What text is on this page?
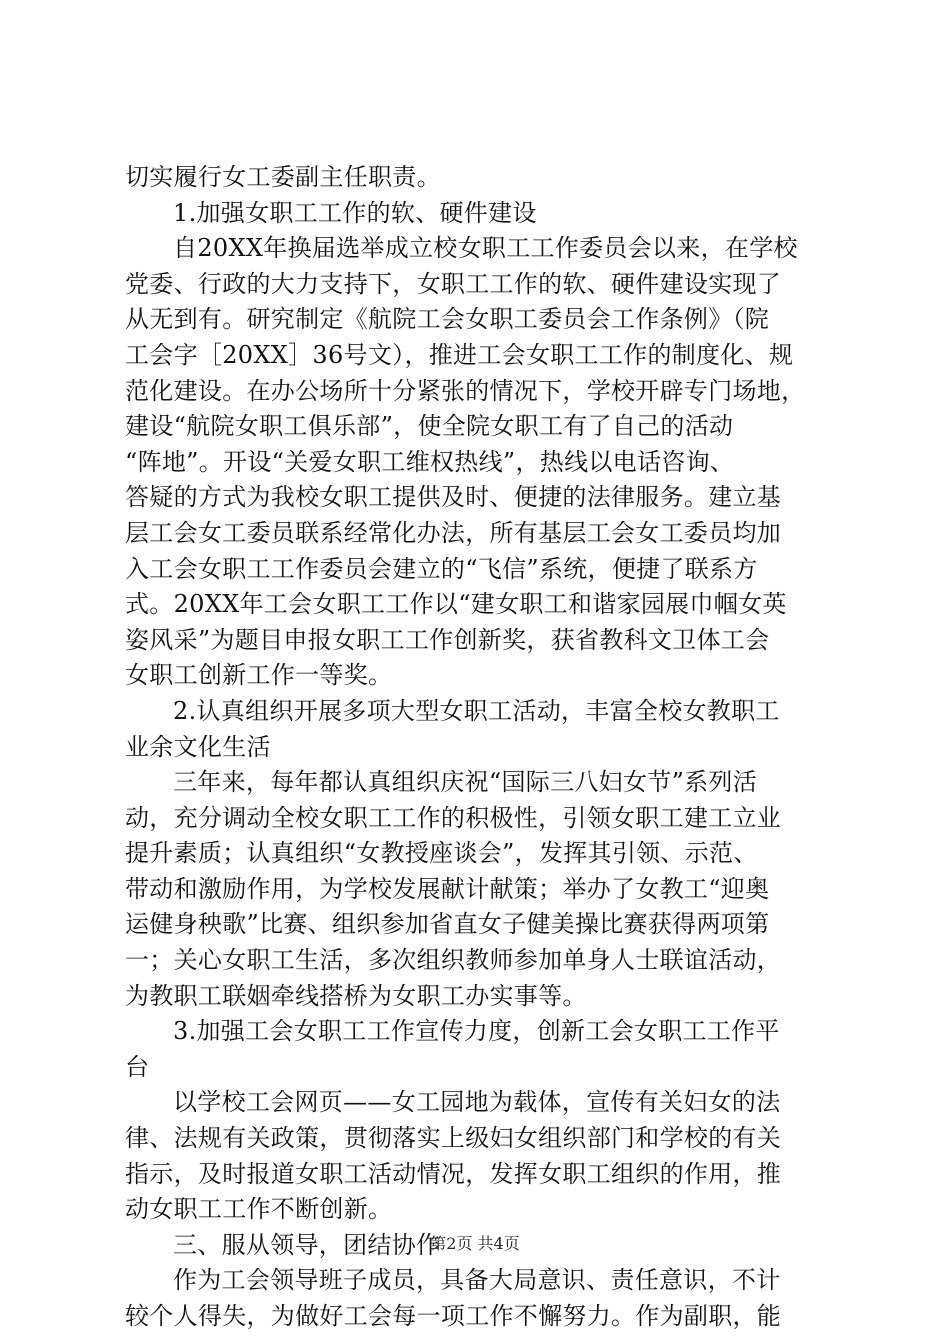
切实履行女工委副主任职责。
1.加强女职工工作的软、硬件建设
自20XX年换届选举成立校女职工工作委员会以来，在学校
党委、行政的大力支持下，女职工工作的软、硬件建设实现了
从无到有。研究制定《航院工会女职工委员会工作条例》（院
工会字［20XX］36号文），推进工会女职工工作的制度化、规
范化建设。在办公场所十分紧张的情况下，学校开辟专门场地，
建设“航院女职工俱乐部”，使全院女职工有了自己的活动
“阵地”。开设“关爱女职工维权热线”，热线以电话咨询、
答疑的方式为我校女职工提供及时、便捷的法律服务。建立基
层工会女工委员联系经常化办法，所有基层工会女工委员均加
入工会女职工工作委员会建立的“飞信”系统，便捷了联系方
式。20XX年工会女职工工作以“建女职工和谐家园展巾帼女英
姿风采”为题目申报女职工工作创新奖，获省教科文卫体工会
女职工创新工作一等奖。
2.认真组织开展多项大型女职工活动，丰富全校女教职工
业余文化生活
三年来，每年都认真组织庆祝“国际三八妇女节”系列活
动，充分调动全校女职工工作的积极性，引领女职工建工立业
提升素质；认真组织“女教授座谈会”，发挥其引领、示范、
带动和激励作用，为学校发展献计献策；举办了女教工“迎奥
运健身秧歌”比赛、组织参加省直女子健美操比赛获得两项第
一；关心女职工生活，多次组织教师参加单身人士联谊活动，
为教职工联姻牵线搭桥为女职工办实事等。
3.加强工会女职工工作宣传力度，创新工会女职工工作平
台
以学校工会网页——女工园地为载体，宣传有关妇女的法
律、法规有关政策，贯彻落实上级妇女组织部门和学校的有关
指示，及时报道女职工活动情况，发挥女职工组织的作用，推
动女职工工作不断创新。
三、服从领导，团结协作
作为工会领导班子成员，具备大局意识、责任意识，不计
较个人得失，为做好工会每一项工作不懈努力。作为副职，能
第2页 共4页
